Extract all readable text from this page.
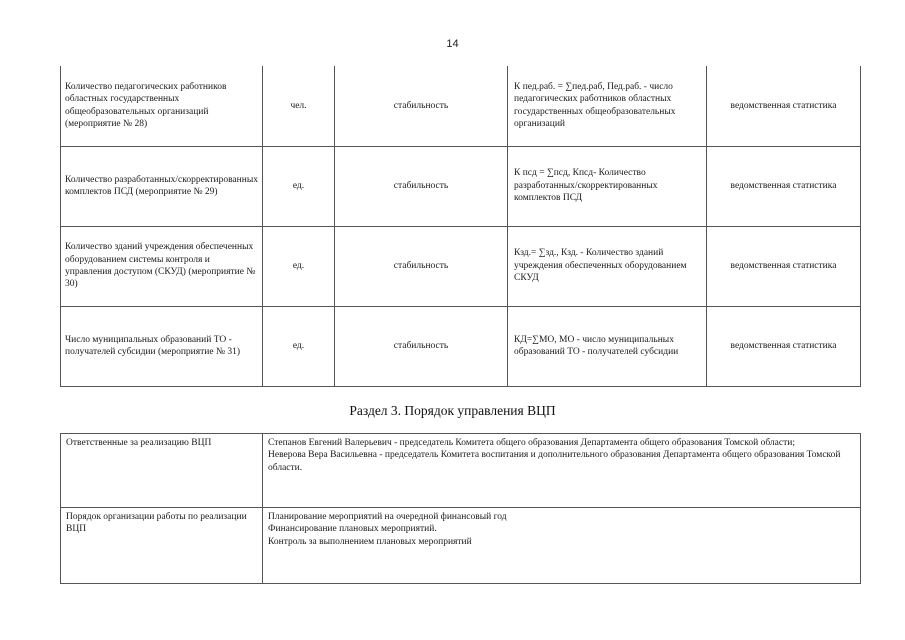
14
Количество педагогических работников областных государственных общеобразовательных организаций (мероприятие № 28)	чел.	стабильность	К пед.раб. = ∑пед.раб, Пед.раб. - число педагогических работников областных государственных общеобразовательных организаций	ведомственная статистика
Количество разработанных/скорректированных комплектов ПСД (мероприятие № 29)	ед.	стабильность	К псд = ∑псд, Кпсд- Количество разработанных/скорректированных комплектов ПСД	ведомственная статистика
Количество зданий учреждения обеспеченных оборудованием системы контроля и управления доступом (СКУД) (мероприятие № 30)	ед.	стабильность	Кзд.= ∑зд., Кзд. - Количество зданий учреждения обеспеченных оборудованием СКУД	ведомственная статистика
Число муниципальных образований ТО - получателей субсидии (мероприятие № 31)	ед.	стабильность	КД=∑МО, МО - число муниципальных образований ТО - получателей субсидии	ведомственная статистика
Раздел 3. Порядок управления ВЦП
Ответственные за реализацию ВЦП	Степанов Евгений Валерьевич - председатель Комитета общего образования Департамента общего образования Томской области;
Неверова Вера Васильевна - председатель Комитета воспитания и дополнительного образования Департамента общего образования Томской области.

Порядок организации работы по реализации ВЦП	Планирование мероприятий на очередной финансовый год
Финансирование плановых мероприятий.
Контроль за выполнением плановых мероприятий
